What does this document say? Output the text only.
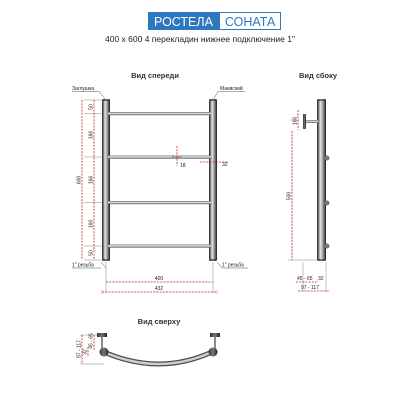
РОСТЕЛА СОНАТА
400 х 600 4 перекладин нижнее подключение 1"
Вид спереди
Заглушка	Маевский
50
166
166
166
50
600
18	32
1" резьба	1" резьба
400
432
Вид сбоку
166
500
45 - 65 32
97 - 117
Вид сверху
97 - 117 32
45 - 65
